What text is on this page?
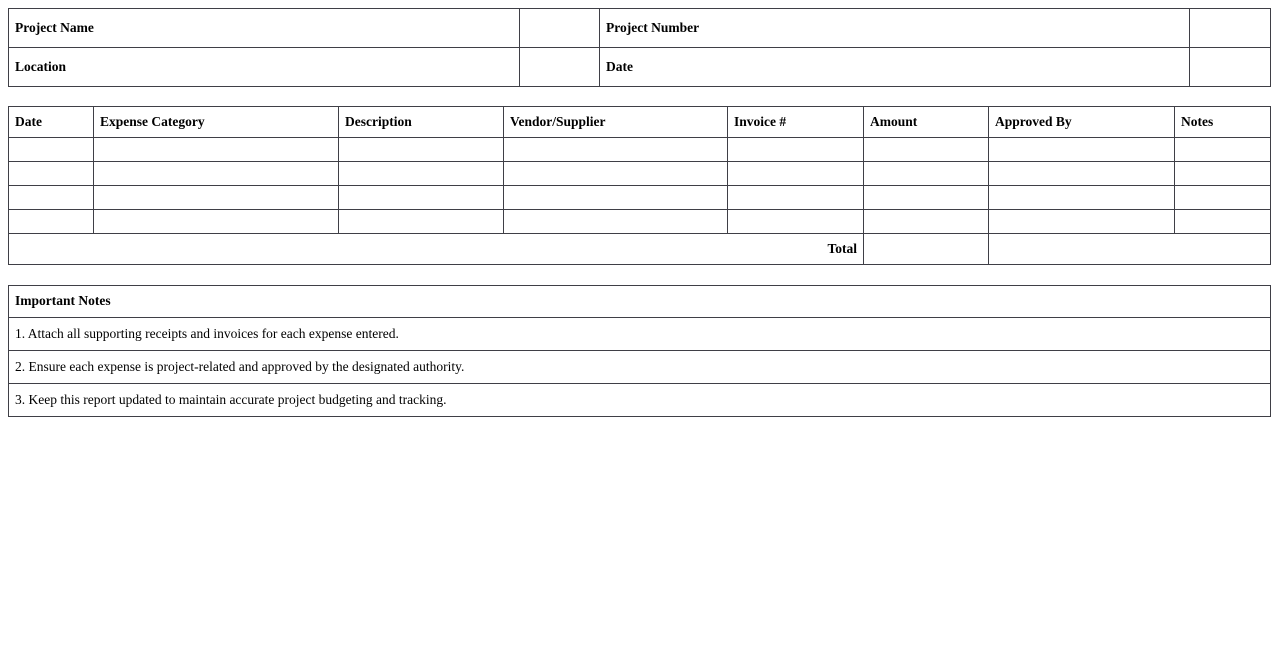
Project Name		Project Number	
Location		Date	
Date	Expense Category	Description	Vendor/Supplier	Invoice #	Amount	Approved By	Notes

Total							
Important Notes
1. Attach all supporting receipts and invoices for each expense entered.
2. Ensure each expense is project-related and approved by the designated authority.
3. Keep this report updated to maintain accurate project budgeting and tracking.
